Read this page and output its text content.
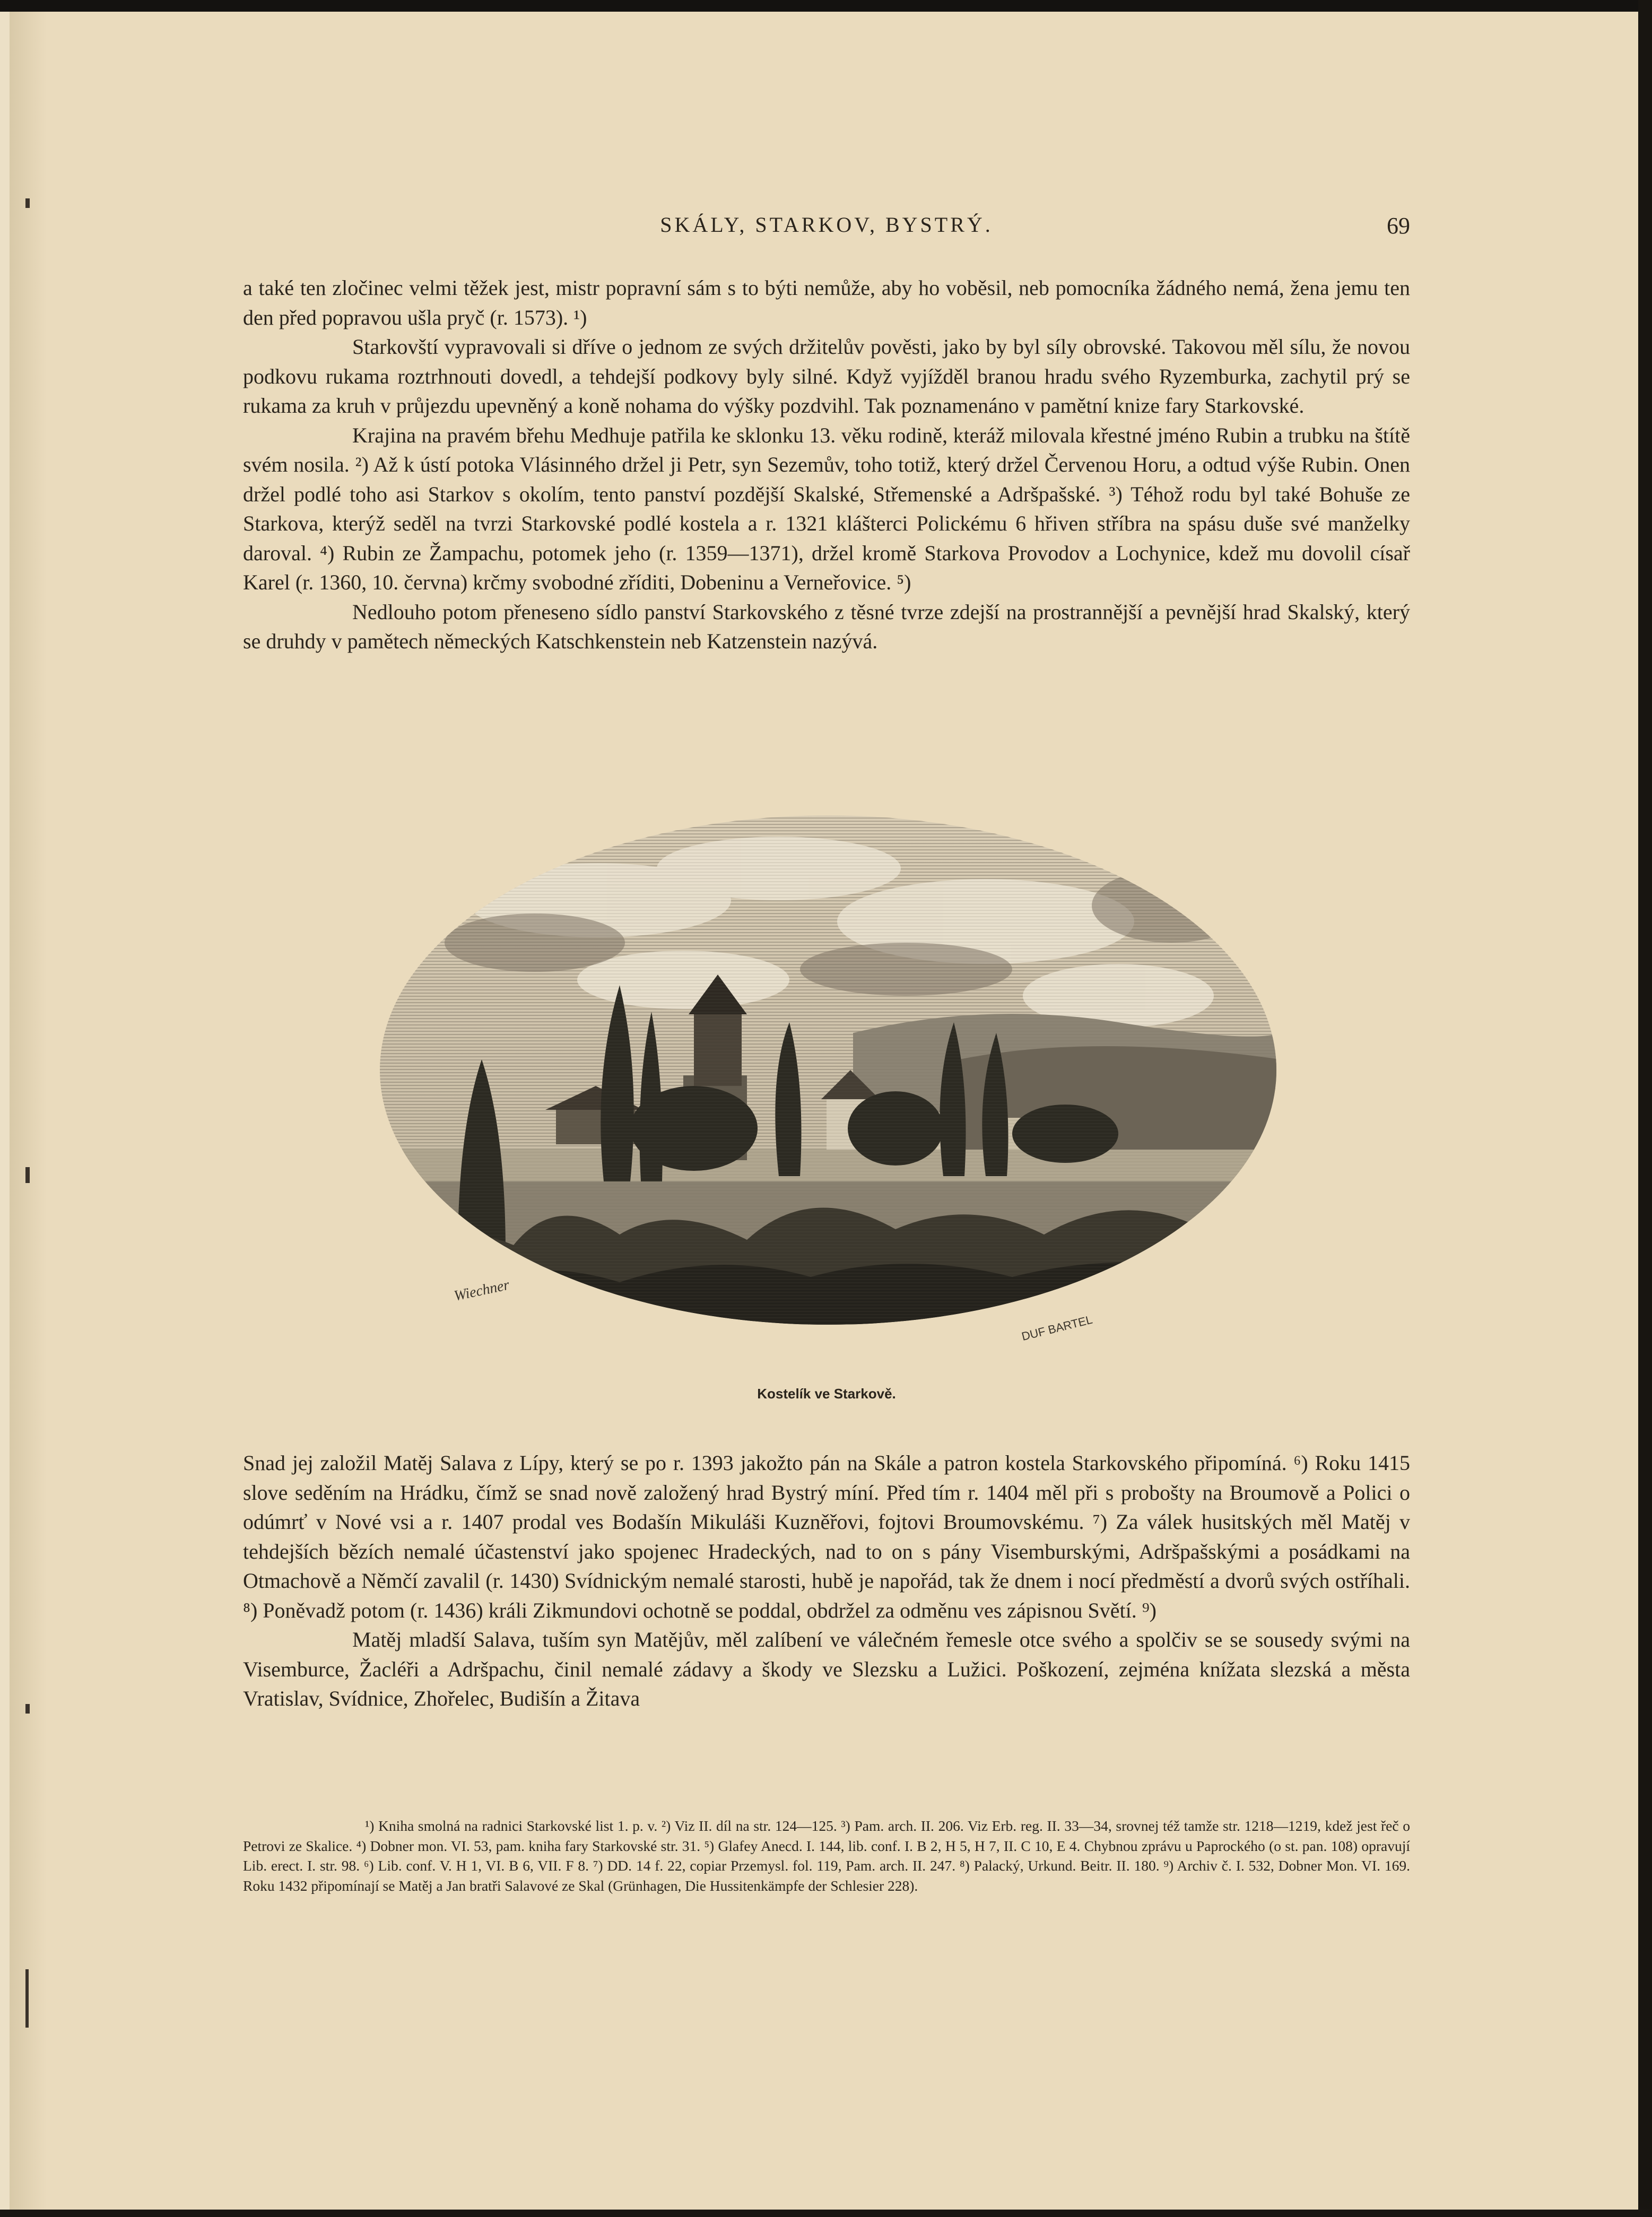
SKÁLY, STARKOV, BYSTRÝ.	69

a také ten zločinec velmi těžek jest, mistr popravní sám s to býti nemůže, aby ho voběsil, neb pomocníka žádného nemá, žena jemu ten den před popravou ušla pryč (r. 1573). ¹)

Starkovští vypravovali si dříve o jednom ze svých držitelův pověsti, jako by byl síly obrovské. Takovou měl sílu, že novou podkovu rukama roztrhnouti dovedl, a tehdejší podkovy byly silné. Když vyjížděl branou hradu svého Ryzemburka, zachytil prý se rukama za kruh v průjezdu upevněný a koně nohama do výšky pozdvihl. Tak poznamenáno v pamětní knize fary Starkovské.

Krajina na pravém břehu Medhuje patřila ke sklonku 13. věku rodině, kteráž milovala křestné jméno Rubin a trubku na štítě svém nosila. ²) Až k ústí potoka Vlásinného držel ji Petr, syn Sezemův, toho totiž, který držel Červenou Horu, a odtud výše Rubin. Onen držel podlé toho asi Starkov s okolím, tento panství pozdější Skalské, Střemenské a Adršpašské. ³) Téhož rodu byl také Bohuše ze Starkova, kterýž seděl na tvrzi Starkovské podlé kostela a r. 1321 klášterci Polickému 6 hřiven stříbra na spásu duše své manželky daroval. ⁴) Rubin ze Žampachu, potomek jeho (r. 1359—1371), držel kromě Starkova Provodov a Lochynice, kdež mu dovolil císař Karel (r. 1360, 10. června) krčmy svobodné zříditi, Dobeninu a Verneřovice. ⁵)

Nedlouho potom přeneseno sídlo panství Starkovského z těsné tvrze zdejší na prostrannější a pevnější hrad Skalský, který se druhdy v pamětech německých Katschkenstein neb Katzenstein nazývá.

Wiechner
DUF BARTEL
Kostelík ve Starkově.

Snad jej založil Matěj Salava z Lípy, který se po r. 1393 jakožto pán na Skále a patron kostela Starkovského připomíná. ⁶) Roku 1415 slove seděním na Hrádku, čímž se snad nově založený hrad Bystrý míní. Před tím r. 1404 měl při s probošty na Broumově a Polici o odúmrť v Nové vsi a r. 1407 prodal ves Bodašín Mikuláši Kuzněřovi, fojtovi Broumovskému. ⁷) Za válek husitských měl Matěj v tehdejších bězích nemalé účastenství jako spojenec Hradeckých, nad to on s pány Visemburskými, Adršpašskými a posádkami na Otmachově a Němčí zavalil (r. 1430) Svídnickým nemalé starosti, hubě je napořád, tak že dnem i nocí předměstí a dvorů svých ostříhali. ⁸) Poněvadž potom (r. 1436) králi Zikmundovi ochotně se poddal, obdržel za odměnu ves zápisnou Světí. ⁹)

Matěj mladší Salava, tuším syn Matějův, měl zalíbení ve válečném řemesle otce svého a spolčiv se se sousedy svými na Visemburce, Žacléři a Adršpachu, činil nemalé zádavy a škody ve Slezsku a Lužici. Poškození, zejména knížata slezská a města Vratislav, Svídnice, Zhořelec, Budišín a Žitava

¹) Kniha smolná na radnici Starkovské list 1. p. v. ²) Viz II. díl na str. 124—125. ³) Pam. arch. II. 206. Viz Erb. reg. II. 33—34, srovnej též tamže str. 1218—1219, kdež jest řeč o Petrovi ze Skalice. ⁴) Dobner mon. VI. 53, pam. kniha fary Starkovské str. 31. ⁵) Glafey Anecd. I. 144, lib. conf. I. B 2, H 5, H 7, II. C 10, E 4. Chybnou zprávu u Paprockého (o st. pan. 108) opravují Lib. erect. I. str. 98. ⁶) Lib. conf. V. H 1, VI. B 6, VII. F 8. ⁷) DD. 14 f. 22, copiar Przemysl. fol. 119, Pam. arch. II. 247. ⁸) Palacký, Urkund. Beitr. II. 180. ⁹) Archiv č. I. 532, Dobner Mon. VI. 169. Roku 1432 připomínají se Matěj a Jan bratři Salavové ze Skal (Grünhagen, Die Hussitenkämpfe der Schlesier 228).
